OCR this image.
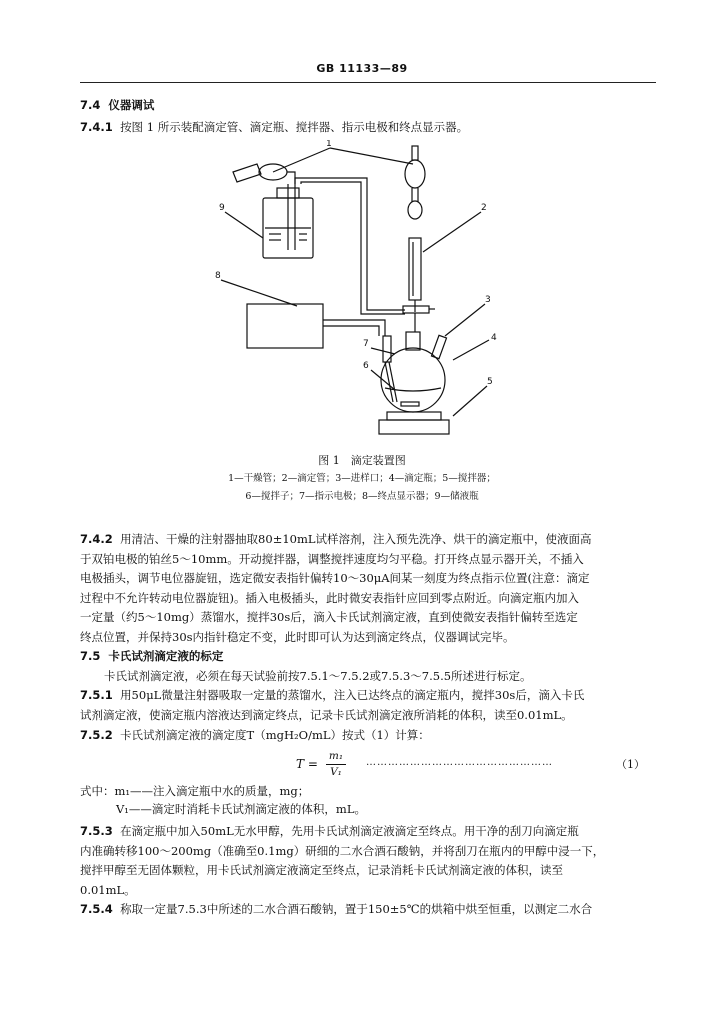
GB 11133—89
7.4 仪器调试
7.4.1 按图 1 所示装配滴定管、滴定瓶、搅拌器、指示电极和终点显示器。
1
2
3
4
5
6
7
8
9
图 1　滴定装置图
1—干燥管；2—滴定管；3—进样口；4—滴定瓶；5—搅拌器；
6—搅拌子；7—指示电极；8—终点显示器；9—储液瓶
7.4.2 用清洁、干燥的注射器抽取80±10mL试样溶剂，注入预先洗净、烘干的滴定瓶中，使液面高
于双铂电极的铂丝5～10mm。开动搅拌器，调整搅拌速度均匀平稳。打开终点显示器开关，不插入
电极插头，调节电位器旋钮，选定微安表指针偏转10～30μA间某一刻度为终点指示位置(注意：滴定
过程中不允许转动电位器旋钮)。插入电极插头，此时微安表指针应回到零点附近。向滴定瓶内加入
一定量（约5～10mg）蒸馏水，搅拌30s后，滴入卡氏试剂滴定液，直到使微安表指针偏转至选定
终点位置，并保持30s内指针稳定不变，此时即可认为达到滴定终点，仪器调试完毕。
7.5 卡氏试剂滴定液的标定
卡氏试剂滴定液，必须在每天试验前按7.5.1～7.5.2或7.5.3～7.5.5所述进行标定。
7.5.1 用50μL微量注射器吸取一定量的蒸馏水，注入已达终点的滴定瓶内，搅拌30s后，滴入卡氏
试剂滴定液，使滴定瓶内溶液达到滴定终点，记录卡氏试剂滴定液所消耗的体积，读至0.01mL。
7.5.2 卡氏试剂滴定液的滴定度T（mgH₂O/mL）按式（1）计算：
T =
m₁
V₁
……………………………………………	（1）
式中：m₁——注入滴定瓶中水的质量，mg；
V₁——滴定时消耗卡氏试剂滴定液的体积，mL。
7.5.3 在滴定瓶中加入50mL无水甲醇，先用卡氏试剂滴定液滴定至终点。用干净的刮刀向滴定瓶
内准确转移100～200mg（准确至0.1mg）研细的二水合酒石酸钠，并将刮刀在瓶内的甲醇中浸一下，
搅拌甲醇至无固体颗粒，用卡氏试剂滴定液滴定至终点，记录消耗卡氏试剂滴定液的体积，读至
0.01mL。
7.5.4 称取一定量7.5.3中所述的二水合酒石酸钠，置于150±5℃的烘箱中烘至恒重，以测定二水合
